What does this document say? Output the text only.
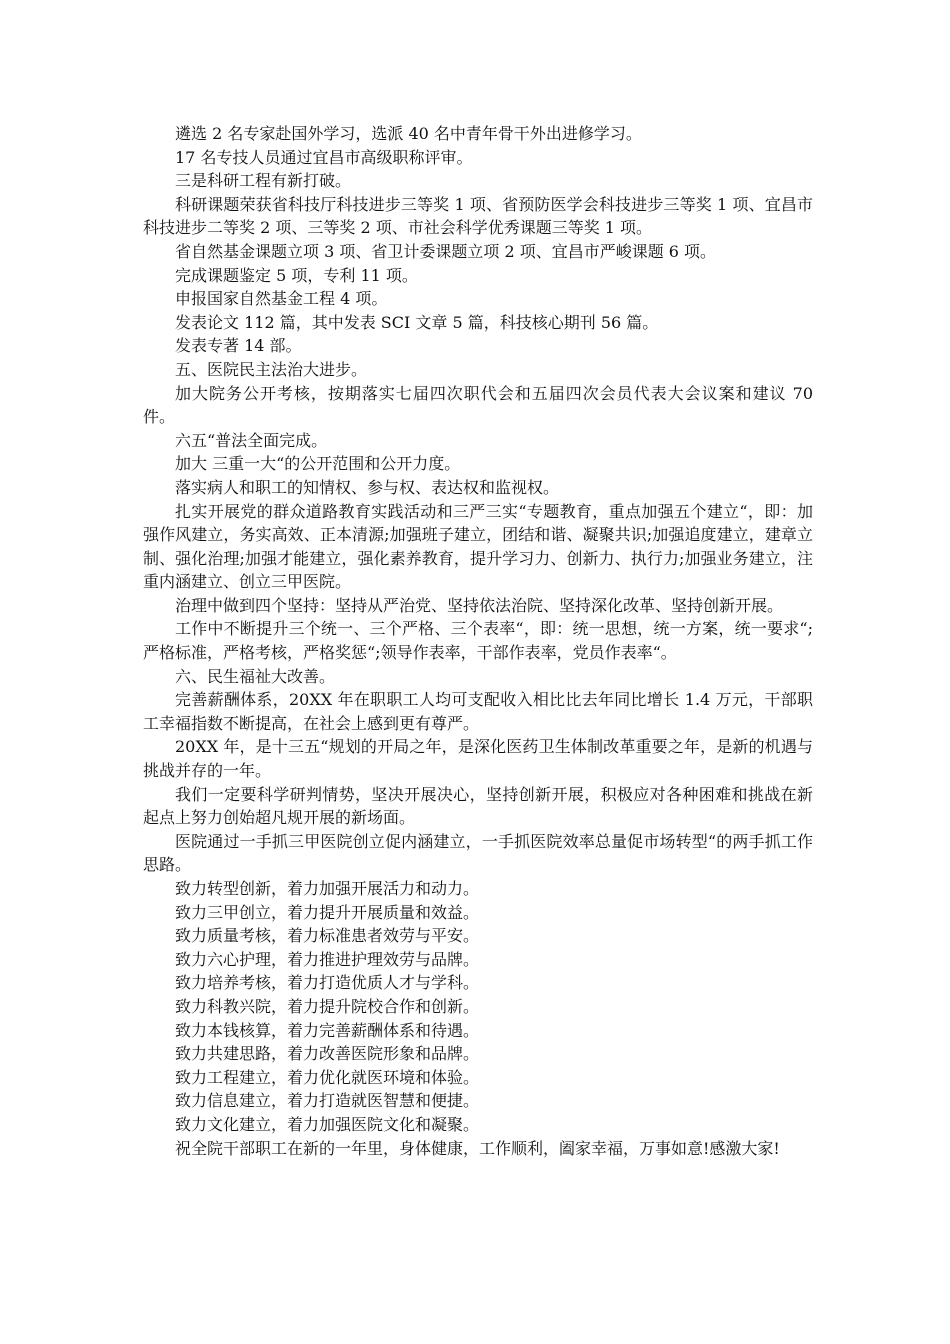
遴选 2 名专家赴国外学习，选派 40 名中青年骨干外出进修学习。

17 名专技人员通过宜昌市高级职称评审。

三是科研工程有新打破。

科研课题荣获省科技厅科技进步三等奖 1 项、省预防医学会科技进步三等奖 1 项、宜昌市科技进步二等奖 2 项、三等奖 2 项、市社会科学优秀课题三等奖 1 项。

省自然基金课题立项 3 项、省卫计委课题立项 2 项、宜昌市严峻课题 6 项。

完成课题鉴定 5 项，专利 11 项。

申报国家自然基金工程 4 项。

发表论文 112 篇，其中发表 SCI 文章 5 篇，科技核心期刊 56 篇。

发表专著 14 部。

五、医院民主法治大进步。

加大院务公开考核，按期落实七届四次职代会和五届四次会员代表大会议案和建议 70 件。

六五“普法全面完成。

加大 三重一大“的公开范围和公开力度。

落实病人和职工的知情权、参与权、表达权和监视权。

扎实开展党的群众道路教育实践活动和三严三实“专题教育，重点加强五个建立“，即：加强作风建立，务实高效、正本清源;加强班子建立，团结和谐、凝聚共识;加强追度建立，建章立制、强化治理;加强才能建立，强化素养教育，提升学习力、创新力、执行力;加强业务建立，注重内涵建立、创立三甲医院。

治理中做到四个坚持：坚持从严治党、坚持依法治院、坚持深化改革、坚持创新开展。

工作中不断提升三个统一、三个严格、三个表率“，即：统一思想，统一方案，统一要求“;严格标准，严格考核，严格奖惩“;领导作表率，干部作表率，党员作表率“。

六、民生福祉大改善。

完善薪酬体系，20XX 年在职职工人均可支配收入相比比去年同比增长 1.4 万元，干部职工幸福指数不断提高，在社会上感到更有尊严。

20XX 年，是十三五“规划的开局之年，是深化医药卫生体制改革重要之年，是新的机遇与挑战并存的一年。

我们一定要科学研判情势，坚决开展决心，坚持创新开展，积极应对各种困难和挑战在新起点上努力创始超凡规开展的新场面。

医院通过一手抓三甲医院创立促内涵建立，一手抓医院效率总量促市场转型“的两手抓工作思路。

致力转型创新，着力加强开展活力和动力。

致力三甲创立，着力提升开展质量和效益。

致力质量考核，着力标准患者效劳与平安。

致力六心护理，着力推进护理效劳与品牌。

致力培养考核，着力打造优质人才与学科。

致力科教兴院，着力提升院校合作和创新。

致力本钱核算，着力完善薪酬体系和待遇。

致力共建思路，着力改善医院形象和品牌。

致力工程建立，着力优化就医环境和体验。

致力信息建立，着力打造就医智慧和便捷。

致力文化建立，着力加强医院文化和凝聚。

祝全院干部职工在新的一年里，身体健康，工作顺利，阖家幸福，万事如意!感激大家!
